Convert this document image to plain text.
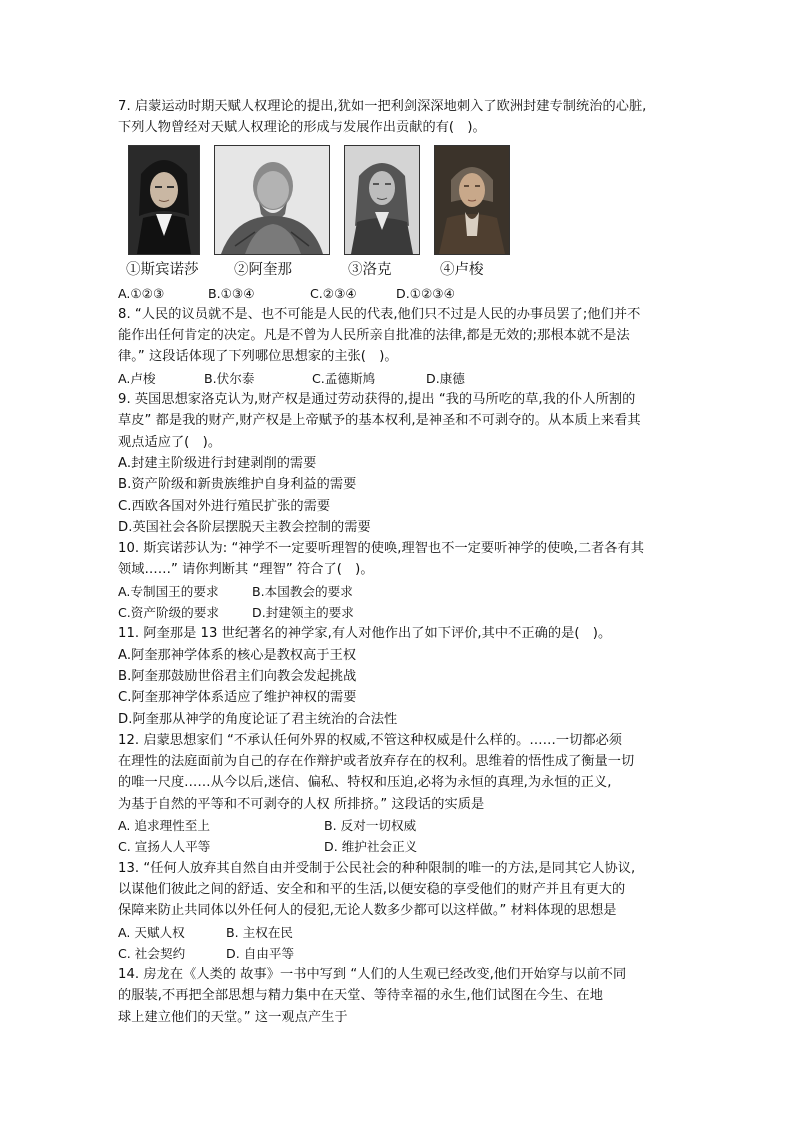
7. 启蒙运动时期天赋人权理论的提出,犹如一把利剑深深地刺入了欧洲封建专制统治的心脏,
下列人物曾经对天赋人权理论的形成与发展作出贡献的有(　)。
①斯宾诺莎	②阿奎那	③洛克	④卢梭
A.①②③	B.①③④	C.②③④	D.①②③④
8. “人民的议员就不是、也不可能是人民的代表,他们只不过是人民的办事员罢了;他们并不
能作出任何肯定的决定。凡是不曾为人民所亲自批准的法律,都是无效的;那根本就不是法
律。” 这段话体现了下列哪位思想家的主张(　)。
A.卢梭	B.伏尔泰	C.孟德斯鸠	D.康德
9. 英国思想家洛克认为,财产权是通过劳动获得的,提出 “我的马所吃的草,我的仆人所割的
草皮” 都是我的财产,财产权是上帝赋予的基本权利,是神圣和不可剥夺的。从本质上来看其
观点适应了(　)。
A.封建主阶级进行封建剥削的需要
B.资产阶级和新贵族维护自身利益的需要
C.西欧各国对外进行殖民扩张的需要
D.英国社会各阶层摆脱天主教会控制的需要
10. 斯宾诺莎认为: “神学不一定要听理智的使唤,理智也不一定要听神学的使唤,二者各有其
领域……” 请你判断其 “理智” 符合了(　)。
A.专制国王的要求	B.本国教会的要求
C.资产阶级的要求	D.封建领主的要求
11. 阿奎那是 13 世纪著名的神学家,有人对他作出了如下评价,其中不正确的是(　)。
A.阿奎那神学体系的核心是教权高于王权
B.阿奎那鼓励世俗君主们向教会发起挑战
C.阿奎那神学体系适应了维护神权的需要
D.阿奎那从神学的角度论证了君主统治的合法性
12. 启蒙思想家们 “不承认任何外界的权威,不管这种权威是什么样的。……一切都必须
在理性的法庭面前为自己的存在作辩护或者放弃存在的权利。思维着的悟性成了衡量一切
的唯一尺度……从今以后,迷信、偏私、特权和压迫,必将为永恒的真理,为永恒的正义,
为基于自然的平等和不可剥夺的人权 所排挤。” 这段话的实质是
A. 追求理性至上	B. 反对一切权威
C. 宣扬人人平等	D. 维护社会正义
13. “任何人放弃其自然自由并受制于公民社会的种种限制的唯一的方法,是同其它人协议,
以谋他们彼此之间的舒适、安全和和平的生活,以便安稳的享受他们的财产并且有更大的
保障来防止共同体以外任何人的侵犯,无论人数多少都可以这样做。” 材料体现的思想是
A. 天赋人权	B. 主权在民
C. 社会契约	D. 自由平等
14. 房龙在《人类的 故事》一书中写到 “人们的人生观已经改变,他们开始穿与以前不同
的服装,不再把全部思想与精力集中在天堂、等待幸福的永生,他们试图在今生、在地
球上建立他们的天堂。” 这一观点产生于
